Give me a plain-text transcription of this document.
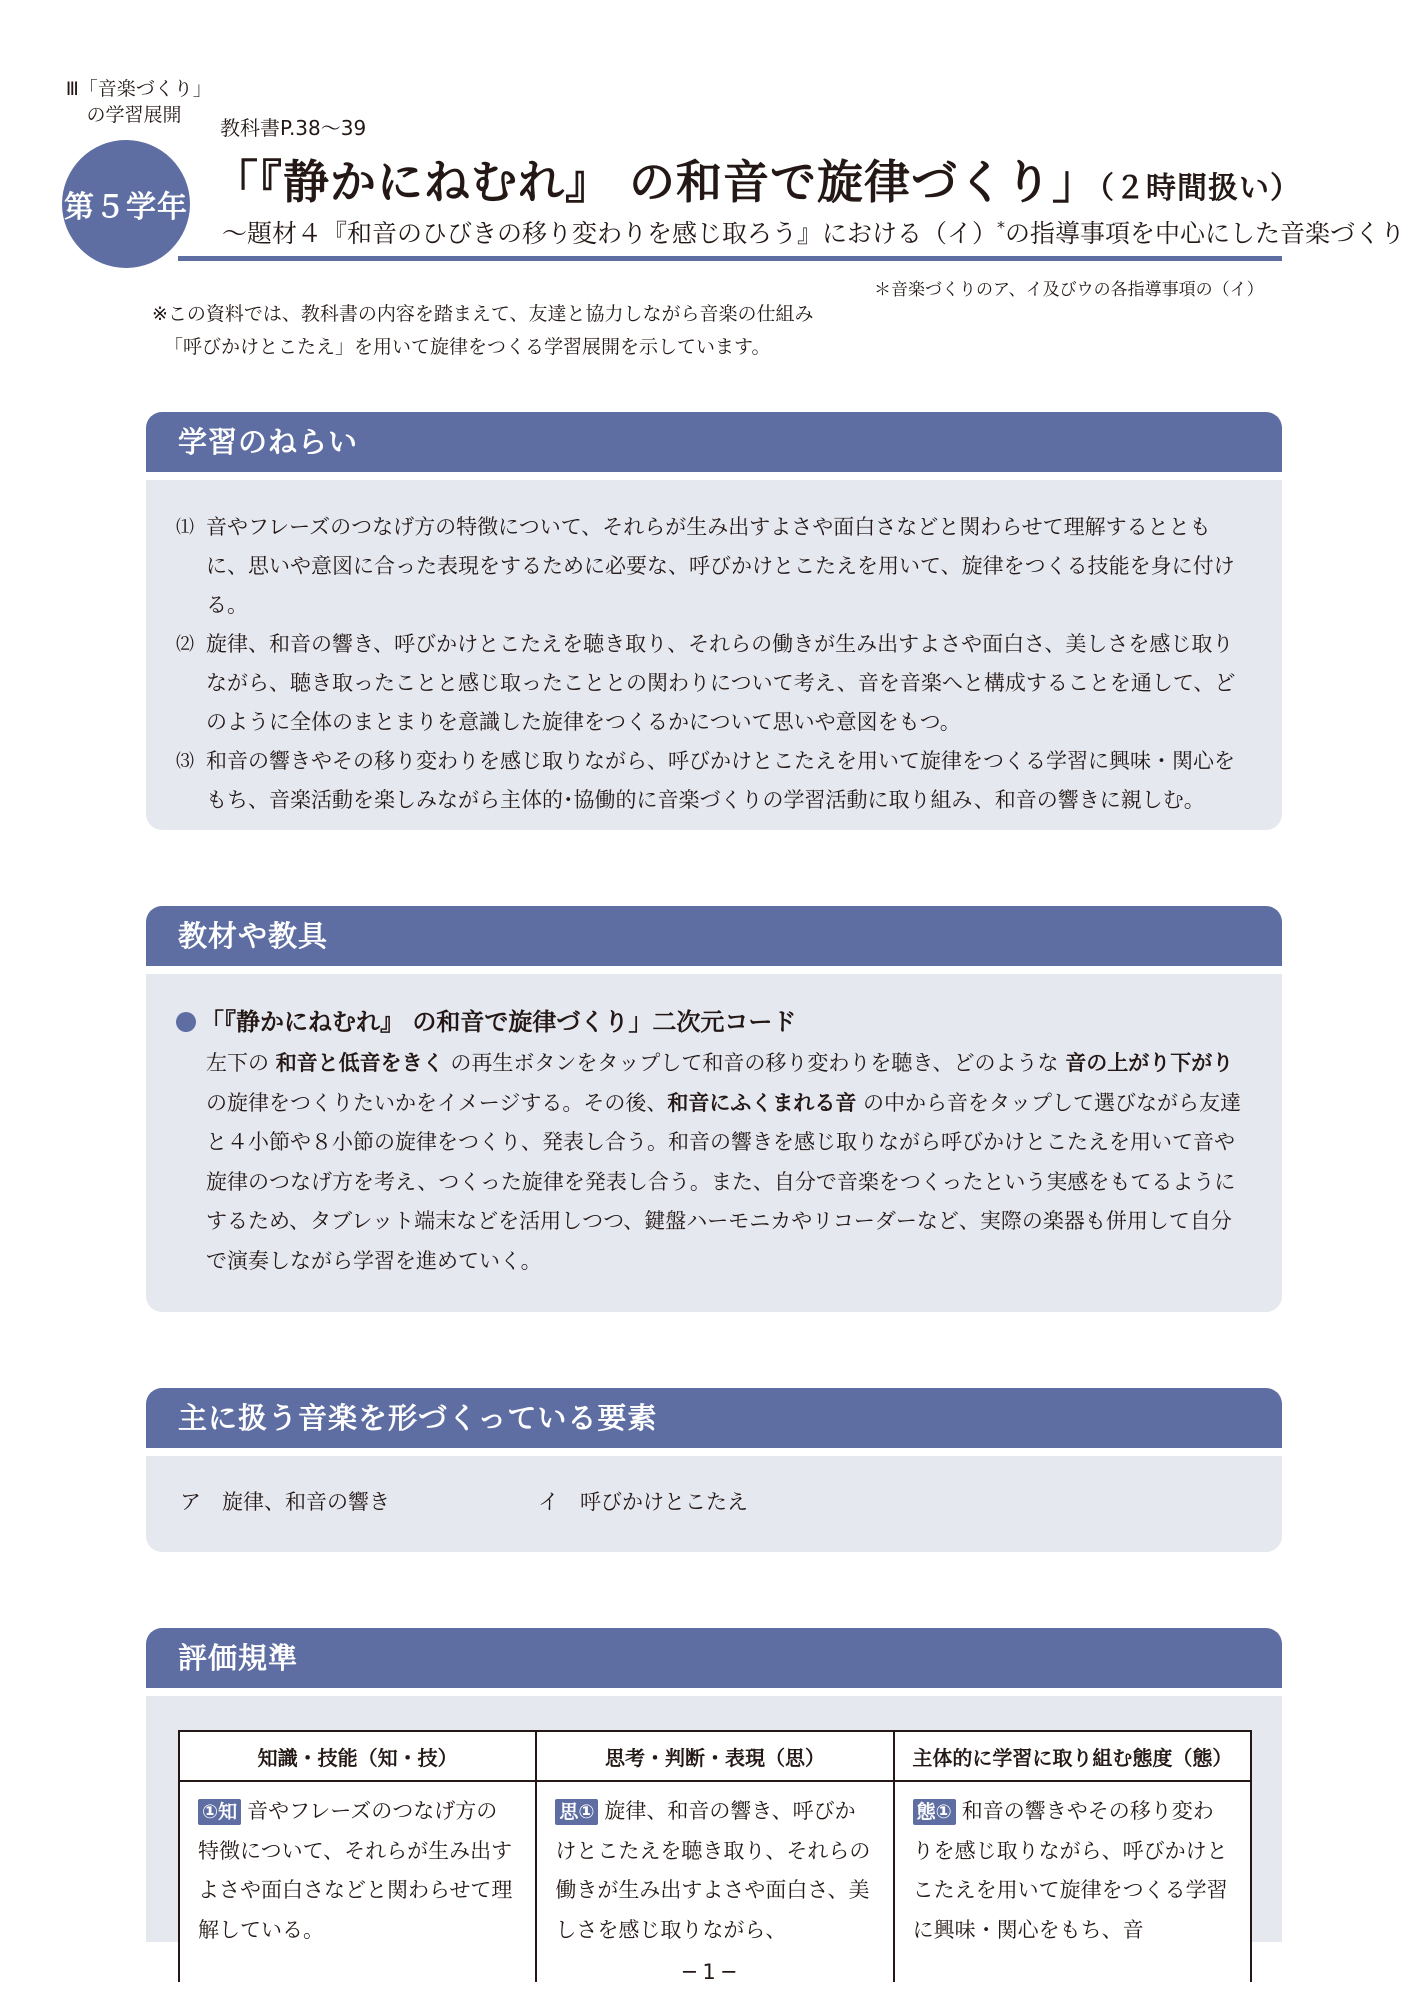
Ⅲ「音楽づくり」の学習展開
第５学年
教科書P.38〜39
「『静かにねむれ』 の和音で旋律づくり」（２時間扱い）
〜題材４『和音のひびきの移り変わりを感じ取ろう』における（イ）*の指導事項を中心にした音楽づくり
＊音楽づくりのア、イ及びウの各指導事項の（イ）
※この資料では、教科書の内容を踏まえて、友達と協力しながら音楽の仕組み
「呼びかけとこたえ」を用いて旋律をつくる学習展開を示しています。
学習のねらい
⑴ 音やフレーズのつなげ方の特徴について、それらが生み出すよさや面白さなどと関わらせて理解するとともに、思いや意図に合った表現をするために必要な、呼びかけとこたえを用いて、旋律をつくる技能を身に付ける。
⑵ 旋律、和音の響き、呼びかけとこたえを聴き取り、それらの働きが生み出すよさや面白さ、美しさを感じ取りながら、聴き取ったことと感じ取ったこととの関わりについて考え、音を音楽へと構成することを通して、どのように全体のまとまりを意識した旋律をつくるかについて思いや意図をもつ。
⑶ 和音の響きやその移り変わりを感じ取りながら、呼びかけとこたえを用いて旋律をつくる学習に興味・関心をもち、音楽活動を楽しみながら主体的･協働的に音楽づくりの学習活動に取り組み、和音の響きに親しむ。
教材や教具
「『静かにねむれ』 の和音で旋律づくり」二次元コード
左下の 和音と低音をきく の再生ボタンをタップして和音の移り変わりを聴き、どのような 音の上がり下がり の旋律をつくりたいかをイメージする。その後、和音にふくまれる音 の中から音をタップして選びながら友達と４小節や８小節の旋律をつくり、発表し合う。和音の響きを感じ取りながら呼びかけとこたえを用いて音や旋律のつなげ方を考え、つくった旋律を発表し合う。また、自分で音楽をつくったという実感をもてるようにするため、タブレット端末などを活用しつつ、鍵盤ハーモニカやリコーダーなど、実際の楽器も併用して自分で演奏しながら学習を進めていく。
主に扱う音楽を形づくっている要素
ア　旋律、和音の響き	イ　呼びかけとこたえ
評価規準
知識・技能（知・技）	思考・判断・表現（思）	主体的に学習に取り組む態度（態）
①知 音やフレーズのつなげ方の特徴について、それらが生み出すよさや面白さなどと関わらせて理解している。	思① 旋律、和音の響き、呼びかけとこたえを聴き取り、それらの働きが生み出すよさや面白さ、美しさを感じ取りながら、	態① 和音の響きやその移り変わりを感じ取りながら、呼びかけとこたえを用いて旋律をつくる学習に興味・関心をもち、音
─ 1 ─
